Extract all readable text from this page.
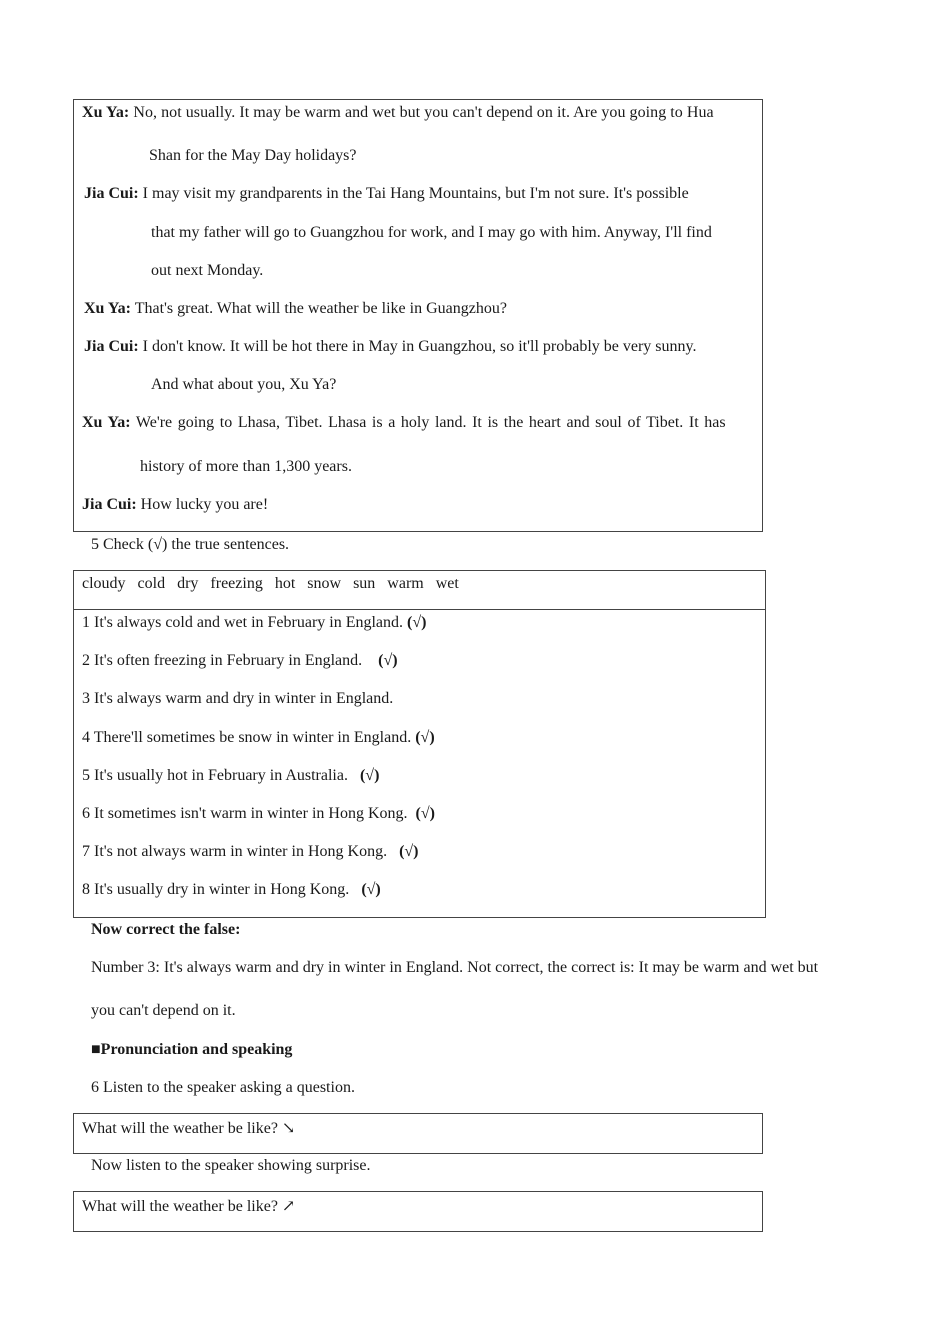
Xu Ya: No, not usually. It may be warm and wet but you can't depend on it. Are you going to Hua
Shan for the May Day holidays?
Jia Cui: I may visit my grandparents in the Tai Hang Mountains, but I'm not sure. It's possible
that my father will go to Guangzhou for work, and I may go with him. Anyway, I'll find
out next Monday.
Xu Ya: That's great. What will the weather be like in Guangzhou?
Jia Cui: I don't know. It will be hot there in May in Guangzhou, so it'll probably be very sunny.
And what about you, Xu Ya?
Xu Ya: We're going to Lhasa, Tibet. Lhasa is a holy land. It is the heart and soul of Tibet. It has
history of more than 1,300 years.
Jia Cui: How lucky you are!
5 Check (√) the true sentences.
cloudy cold dry freezing hot snow sun warm wet
1 It's always cold and wet in February in England. (√)
2 It's often freezing in February in England. (√)
3 It's always warm and dry in winter in England.
4 There'll sometimes be snow in winter in England. (√)
5 It's usually hot in February in Australia. (√)
6 It sometimes isn't warm in winter in Hong Kong. (√)
7 It's not always warm in winter in Hong Kong. (√)
8 It's usually dry in winter in Hong Kong. (√)
Now correct the false:
Number 3: It's always warm and dry in winter in England. Not correct, the correct is: It may be warm and wet but
you can't depend on it.
■Pronunciation and speaking
6 Listen to the speaker asking a question.
What will the weather be like? ↘
Now listen to the speaker showing surprise.
What will the weather be like? ↗
